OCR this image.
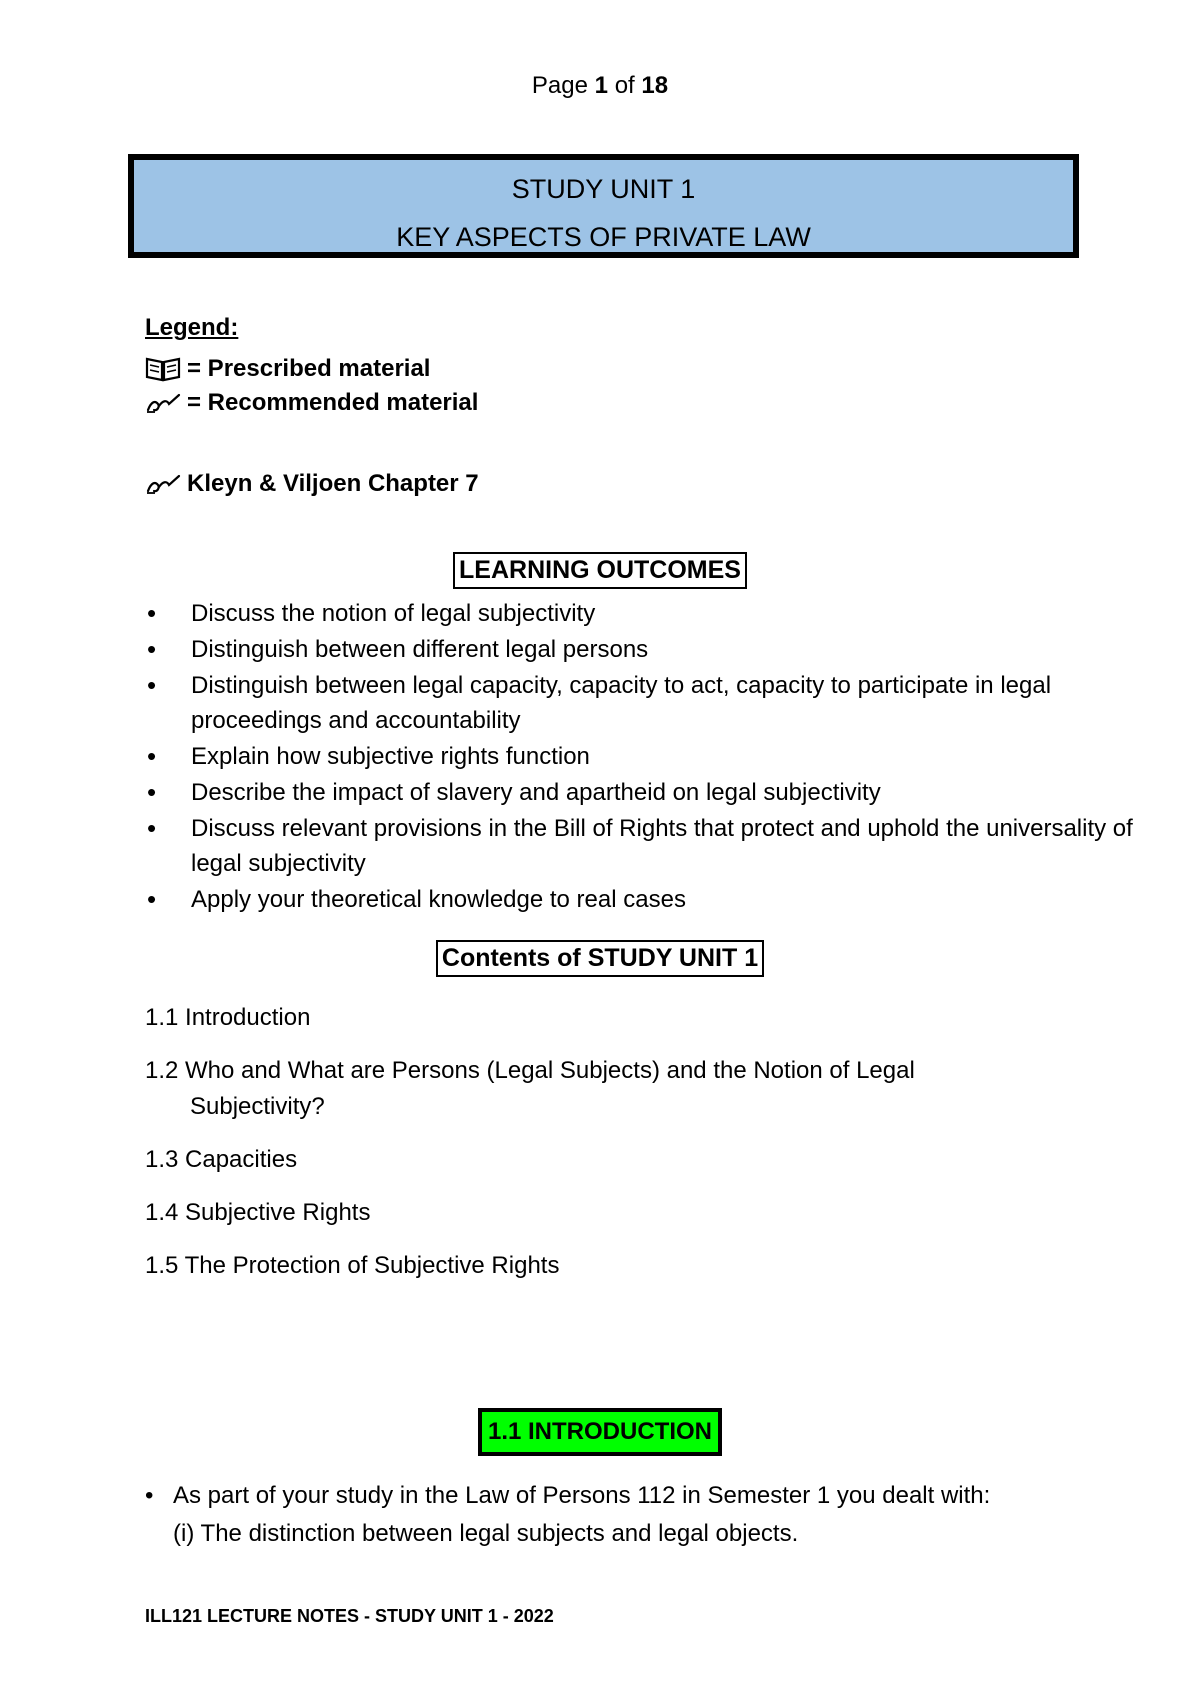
Page 1 of 18
STUDY UNIT 1
KEY ASPECTS OF PRIVATE LAW
Legend:
= Prescribed material
= Recommended material
Kleyn & Viljoen Chapter 7
LEARNING OUTCOMES
• Discuss the notion of legal subjectivity
• Distinguish between different legal persons
• Distinguish between legal capacity, capacity to act, capacity to participate in legal proceedings and accountability
• Explain how subjective rights function
• Describe the impact of slavery and apartheid on legal subjectivity
• Discuss relevant provisions in the Bill of Rights that protect and uphold the universality of legal subjectivity
• Apply your theoretical knowledge to real cases
Contents of STUDY UNIT 1
1.1 Introduction
1.2 Who and What are Persons (Legal Subjects) and the Notion of Legal
Subjectivity?
1.3 Capacities
1.4 Subjective Rights
1.5 The Protection of Subjective Rights
1.1 INTRODUCTION
• As part of your study in the Law of Persons 112 in Semester 1 you dealt with:
(i) The distinction between legal subjects and legal objects.
ILL121 LECTURE NOTES - STUDY UNIT 1 - 2022
